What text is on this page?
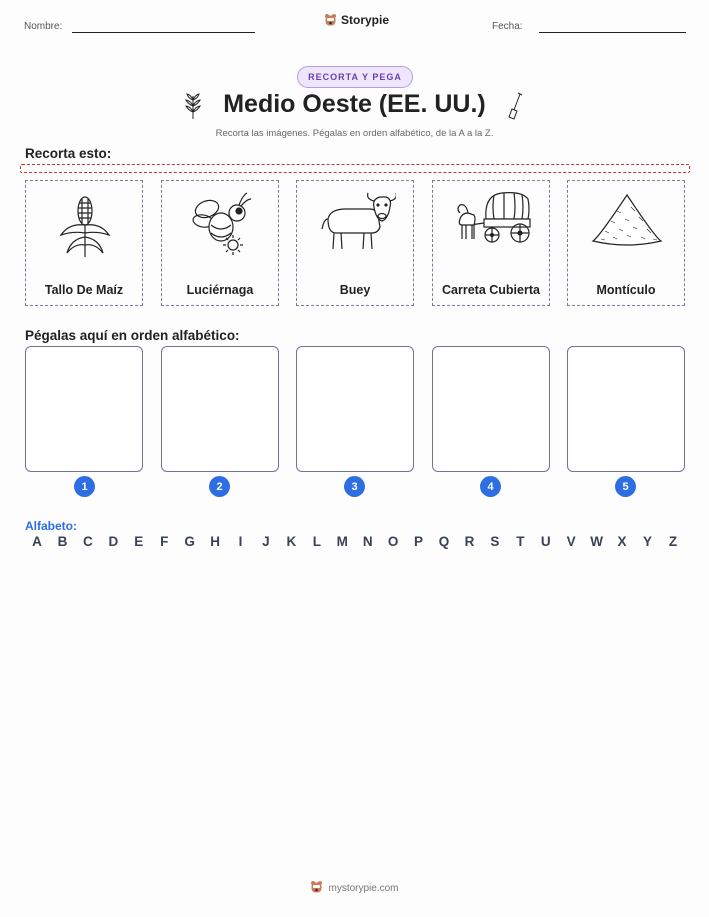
Nombre:	Storypie	Fecha:
RECORTA Y PEGA
Medio Oeste (EE. UU.)
Recorta las imágenes. Pégalas en orden alfabético, de la A a la Z.
Recorta esto:
Tallo De Maíz	Luciérnaga	Buey	Carreta Cubierta	Montículo
Pégalas aquí en orden alfabético:
1	2	3	4	5
Alfabeto:
A	B	C	D	E	F	G	H	I	J	K	L	M	N	O	P	Q	R	S	T	U	V	W	X	Y	Z
mystorypie.com
